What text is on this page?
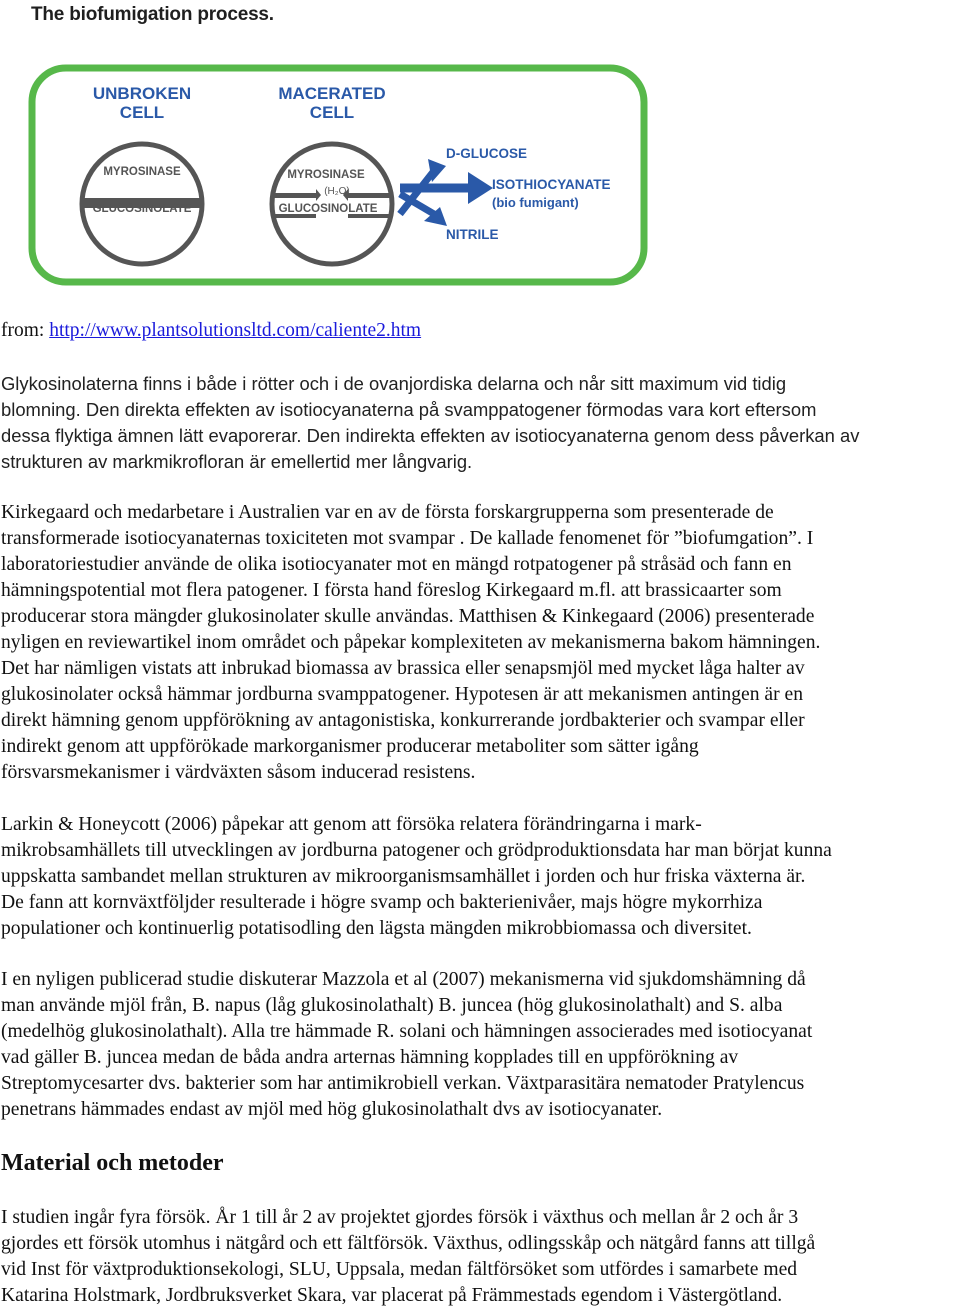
The biofumigation process.
UNBROKEN
CELL
MYROSINASE
GLUCOSINOLATE
MACERATED
CELL
MYROSINASE
(H₂O)
GLUCOSINOLATE
D-GLUCOSE
ISOTHIOCYANATE
(bio fumigant)
NITRILE

from: http://www.plantsolutionsltd.com/caliente2.htm

Glykosinolaterna finns i både i rötter och i de ovanjordiska delarna och når sitt maximum vid tidig
blomning. Den direkta effekten av isotiocyanaterna på svamppatogener förmodas vara kort eftersom
dessa flyktiga ämnen lätt evaporerar. Den indirekta effekten av isotiocyanaterna genom dess påverkan av
strukturen av markmikrofloran är emellertid mer långvarig.

Kirkegaard och medarbetare i Australien var en av de första forskargrupperna som presenterade de
transformerade isotiocyanaternas toxiciteten mot svampar . De kallade fenomenet för ”biofumgation”. I
laboratoriestudier använde de olika isotiocyanater mot en mängd rotpatogener på stråsäd och fann en
hämningspotential mot flera patogener. I första hand föreslog Kirkegaard m.fl. att brassicaarter som
producerar stora mängder glukosinolater skulle användas. Matthisen & Kinkegaard (2006) presenterade
nyligen en reviewartikel inom området och påpekar komplexiteten av mekanismerna bakom hämningen.
Det har nämligen vistats att inbrukad biomassa av brassica eller senapsmjöl med mycket låga halter av
glukosinolater också hämmar jordburna svamppatogener. Hypotesen är att mekanismen antingen är en
direkt hämning genom uppförökning av antagonistiska, konkurrerande jordbakterier och svampar eller
indirekt genom att uppförökade markorganismer producerar metaboliter som sätter igång
försvarsmekanismer i värdväxten såsom inducerad resistens.

Larkin & Honeycott (2006) påpekar att genom att försöka relatera förändringarna i mark-
mikrobsamhällets till utvecklingen av jordburna patogener och grödproduktionsdata har man börjat kunna
uppskatta sambandet mellan strukturen av mikroorganismsamhället i jorden och hur friska växterna är.
De fann att kornväxtföljder resulterade i högre svamp och bakterienivåer, majs högre mykorrhiza
populationer och kontinuerlig potatisodling den lägsta mängden mikrobbiomassa och diversitet.

I en nyligen publicerad studie diskuterar Mazzola et al (2007) mekanismerna vid sjukdomshämning då
man använde mjöl från, B. napus (låg glukosinolathalt) B. juncea (hög glukosinolathalt) and S. alba
(medelhög glukosinolathalt). Alla tre hämmade R. solani och hämningen associerades med isotiocyanat
vad gäller B. juncea medan de båda andra arternas hämning kopplades till en uppförökning av
Streptomycesarter dvs. bakterier som har antimikrobiell verkan. Växtparasitära nematoder Pratylencus
penetrans hämmades endast av mjöl med hög glukosinolathalt dvs av isotiocyanater.

Material och metoder

I studien ingår fyra försök. År 1 till år 2 av projektet gjordes försök i växthus och mellan år 2 och år 3
gjordes ett försök utomhus i nätgård och ett fältförsök. Växthus, odlingsskåp och nätgård fanns att tillgå
vid Inst för växtproduktionsekologi, SLU, Uppsala, medan fältförsöket som utfördes i samarbete med
Katarina Holstmark, Jordbruksverket Skara, var placerat på Främmestads egendom i Västergötland.
